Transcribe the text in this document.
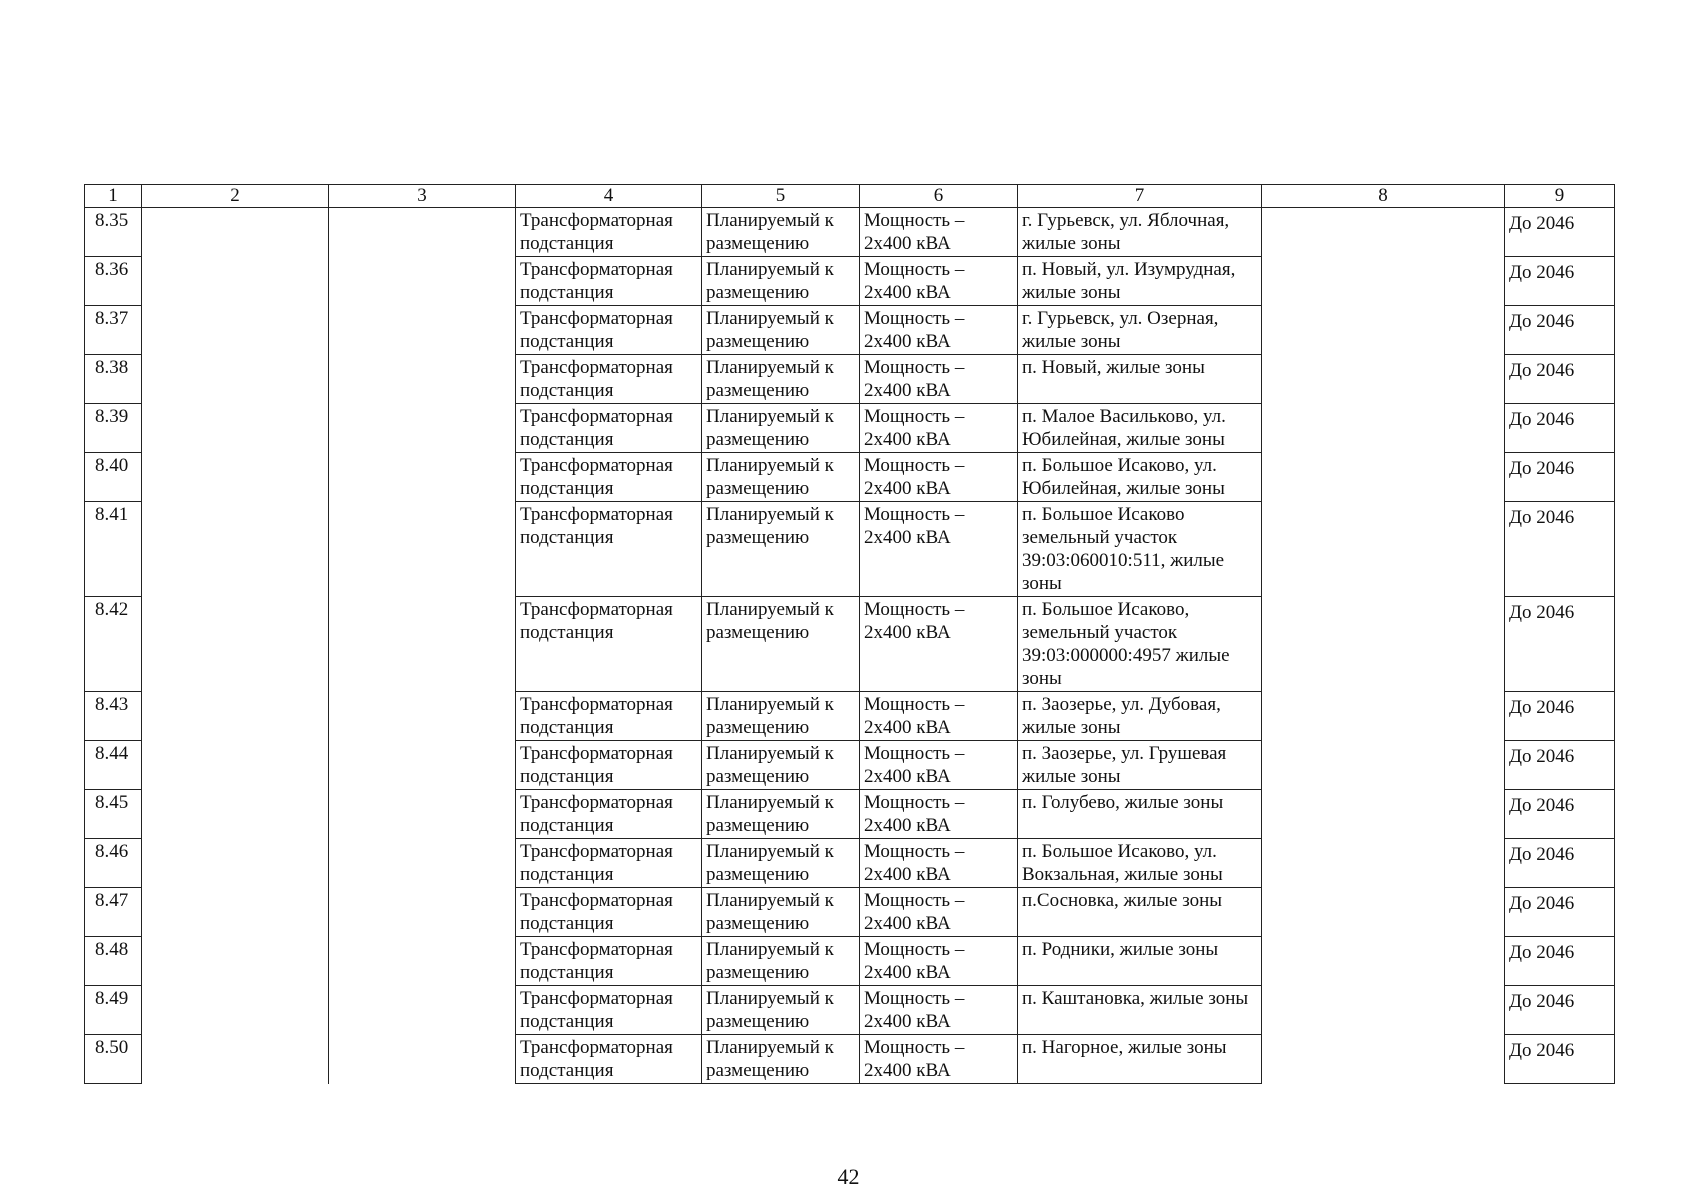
1	2	3	4	5	6	7	8	9
8.35			Трансформаторная подстанция	Планируемый к размещению	Мощность – 2х400 кВА	г. Гурьевск, ул. Яблочная, жилые зоны		До 2046
8.36			Трансформаторная подстанция	Планируемый к размещению	Мощность – 2х400 кВА	п. Новый, ул. Изумрудная, жилые зоны		До 2046
8.37			Трансформаторная подстанция	Планируемый к размещению	Мощность – 2х400 кВА	г. Гурьевск, ул. Озерная, жилые зоны		До 2046
8.38			Трансформаторная подстанция	Планируемый к размещению	Мощность – 2х400 кВА	п. Новый, жилые зоны		До 2046
8.39			Трансформаторная подстанция	Планируемый к размещению	Мощность – 2х400 кВА	п. Малое Васильково, ул. Юбилейная, жилые зоны		До 2046
8.40			Трансформаторная подстанция	Планируемый к размещению	Мощность – 2х400 кВА	п. Большое Исаково, ул. Юбилейная, жилые зоны		До 2046
8.41			Трансформаторная подстанция	Планируемый к размещению	Мощность – 2х400 кВА	п. Большое Исаково земельный участок 39:03:060010:511, жилые зоны		До 2046
8.42			Трансформаторная подстанция	Планируемый к размещению	Мощность – 2х400 кВА	п. Большое Исаково, земельный участок 39:03:000000:4957 жилые зоны		До 2046
8.43			Трансформаторная подстанция	Планируемый к размещению	Мощность – 2х400 кВА	п. Заозерье, ул. Дубовая, жилые зоны		До 2046
8.44			Трансформаторная подстанция	Планируемый к размещению	Мощность – 2х400 кВА	п. Заозерье, ул. Грушевая жилые зоны		До 2046
8.45			Трансформаторная подстанция	Планируемый к размещению	Мощность – 2х400 кВА	п. Голубево, жилые зоны		До 2046
8.46			Трансформаторная подстанция	Планируемый к размещению	Мощность – 2х400 кВА	п. Большое Исаково, ул. Вокзальная, жилые зоны		До 2046
8.47			Трансформаторная подстанция	Планируемый к размещению	Мощность – 2х400 кВА	п.Сосновка, жилые зоны		До 2046
8.48			Трансформаторная подстанция	Планируемый к размещению	Мощность – 2х400 кВА	п. Родники, жилые зоны		До 2046
8.49			Трансформаторная подстанция	Планируемый к размещению	Мощность – 2х400 кВА	п. Каштановка, жилые зоны		До 2046
8.50			Трансформаторная подстанция	Планируемый к размещению	Мощность – 2х400 кВА	п. Нагорное, жилые зоны		До 2046
42
